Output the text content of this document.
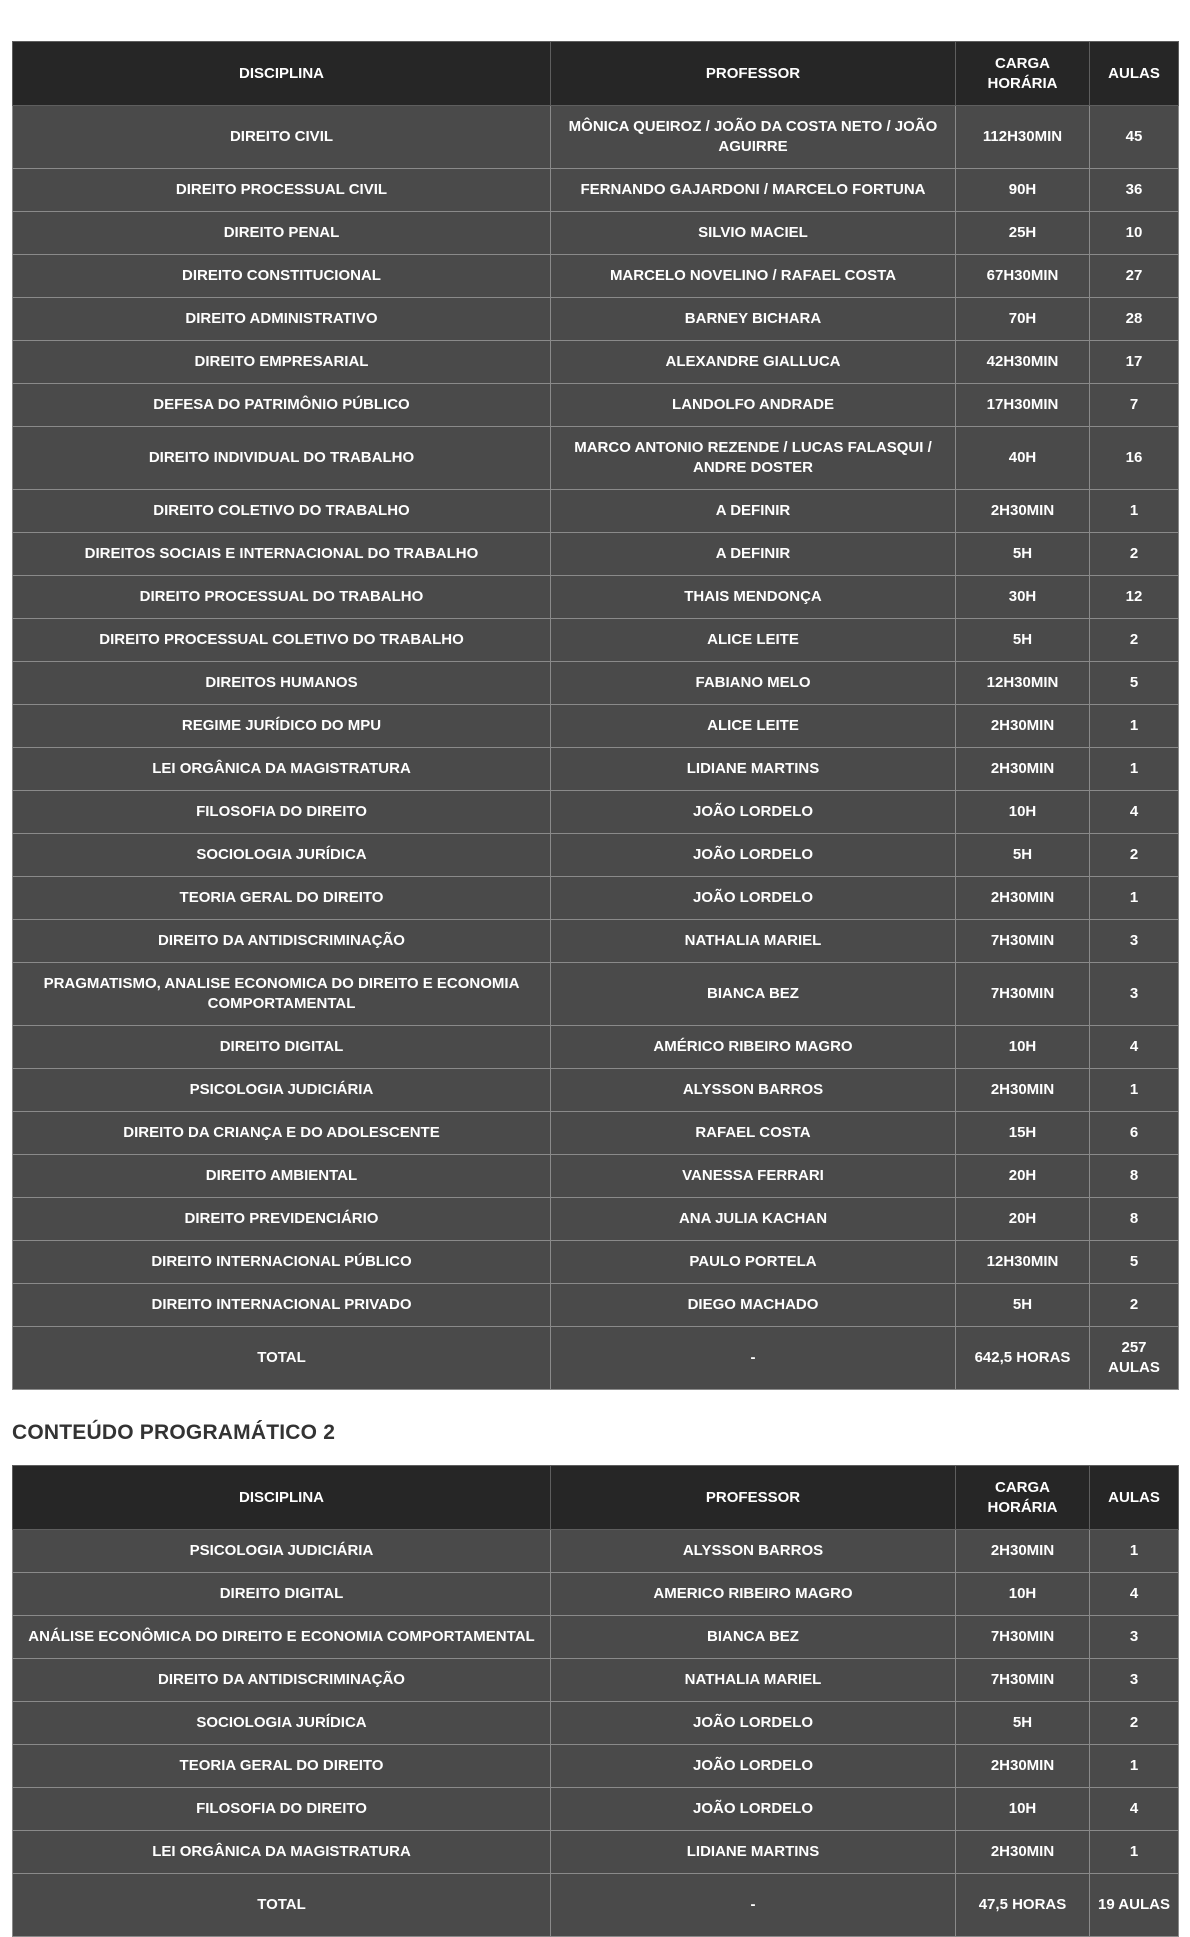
DISCIPLINA	PROFESSOR	CARGA HORÁRIA	AULAS
DIREITO CIVIL	MÔNICA QUEIROZ / JOÃO DA COSTA NETO / JOÃO AGUIRRE	112H30MIN	45
DIREITO PROCESSUAL CIVIL	FERNANDO GAJARDONI / MARCELO FORTUNA	90H	36
DIREITO PENAL	SILVIO MACIEL	25H	10
DIREITO CONSTITUCIONAL	MARCELO NOVELINO / RAFAEL COSTA	67H30MIN	27
DIREITO ADMINISTRATIVO	BARNEY BICHARA	70H	28
DIREITO EMPRESARIAL	ALEXANDRE GIALLUCA	42H30MIN	17
DEFESA DO PATRIMÔNIO PÚBLICO	LANDOLFO ANDRADE	17H30MIN	7
DIREITO INDIVIDUAL DO TRABALHO	MARCO ANTONIO REZENDE / LUCAS FALASQUI / ANDRE DOSTER	40H	16
DIREITO COLETIVO DO TRABALHO	A DEFINIR	2H30MIN	1
DIREITOS SOCIAIS E INTERNACIONAL DO TRABALHO	A DEFINIR	5H	2
DIREITO PROCESSUAL DO TRABALHO	THAIS MENDONÇA	30H	12
DIREITO PROCESSUAL COLETIVO DO TRABALHO	ALICE LEITE	5H	2
DIREITOS HUMANOS	FABIANO MELO	12H30MIN	5
REGIME JURÍDICO DO MPU	ALICE LEITE	2H30MIN	1
LEI ORGÂNICA DA MAGISTRATURA	LIDIANE MARTINS	2H30MIN	1
FILOSOFIA DO DIREITO	JOÃO LORDELO	10H	4
SOCIOLOGIA JURÍDICA	JOÃO LORDELO	5H	2
TEORIA GERAL DO DIREITO	JOÃO LORDELO	2H30MIN	1
DIREITO DA ANTIDISCRIMINAÇÃO	NATHALIA MARIEL	7H30MIN	3
PRAGMATISMO, ANALISE ECONOMICA DO DIREITO E ECONOMIA COMPORTAMENTAL	BIANCA BEZ	7H30MIN	3
DIREITO DIGITAL	AMÉRICO RIBEIRO MAGRO	10H	4
PSICOLOGIA JUDICIÁRIA	ALYSSON BARROS	2H30MIN	1
DIREITO DA CRIANÇA E DO ADOLESCENTE	RAFAEL COSTA	15H	6
DIREITO AMBIENTAL	VANESSA FERRARI	20H	8
DIREITO PREVIDENCIÁRIO	ANA JULIA KACHAN	20H	8
DIREITO INTERNACIONAL PÚBLICO	PAULO PORTELA	12H30MIN	5
DIREITO INTERNACIONAL PRIVADO	DIEGO MACHADO	5H	2
TOTAL	-	642,5 HORAS	257 AULAS
CONTEÚDO PROGRAMÁTICO 2
DISCIPLINA	PROFESSOR	CARGA HORÁRIA	AULAS
PSICOLOGIA JUDICIÁRIA	ALYSSON BARROS	2H30MIN	1
DIREITO DIGITAL	AMERICO RIBEIRO MAGRO	10H	4
ANÁLISE ECONÔMICA DO DIREITO E ECONOMIA COMPORTAMENTAL	BIANCA BEZ	7H30MIN	3
DIREITO DA ANTIDISCRIMINAÇÃO	NATHALIA MARIEL	7H30MIN	3
SOCIOLOGIA JURÍDICA	JOÃO LORDELO	5H	2
TEORIA GERAL DO DIREITO	JOÃO LORDELO	2H30MIN	1
FILOSOFIA DO DIREITO	JOÃO LORDELO	10H	4
LEI ORGÂNICA DA MAGISTRATURA	LIDIANE MARTINS	2H30MIN	1
TOTAL	-	47,5 HORAS	19 AULAS
